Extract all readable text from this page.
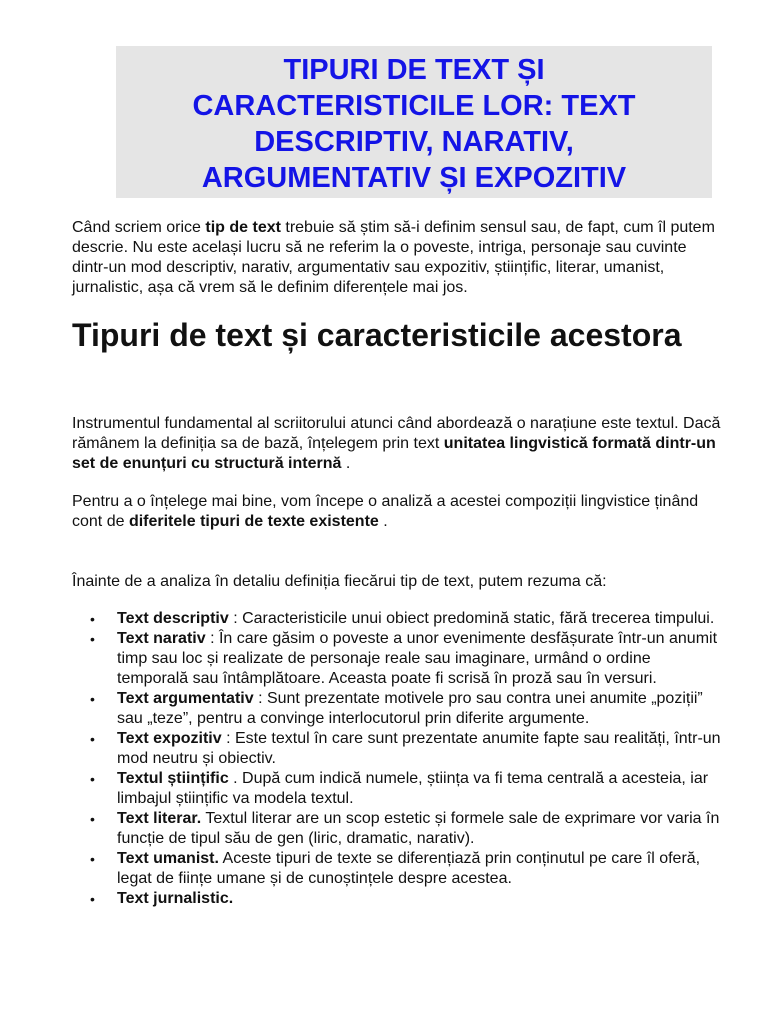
TIPURI DE TEXT ȘI
CARACTERISTICILE LOR: TEXT
DESCRIPTIV, NARATIV,
ARGUMENTATIV ȘI EXPOZITIV

Când scriem orice tip de text trebuie să știm să-i definim sensul sau, de fapt, cum îl putem descrie. Nu este același lucru să ne referim la o poveste, intriga, personaje sau cuvinte dintr-un mod descriptiv, narativ, argumentativ sau expozitiv, științific, literar, umanist, jurnalistic, așa că vrem să le definim diferențele mai jos.

Tipuri de text și caracteristicile acestora

Instrumentul fundamental al scriitorului atunci când abordează o narațiune este textul. Dacă rămânem la definiția sa de bază, înțelegem prin text unitatea lingvistică formată dintr-un set de enunțuri cu structură internă .

Pentru a o înțelege mai bine, vom începe o analiză a acestei compoziții lingvistice ținând cont de diferitele tipuri de texte existente .

Înainte de a analiza în detaliu definiția fiecărui tip de text, putem rezuma că:

• Text descriptiv : Caracteristicile unui obiect predomină static, fără trecerea timpului.
• Text narativ : În care găsim o poveste a unor evenimente desfășurate într-un anumit timp sau loc și realizate de personaje reale sau imaginare, urmând o ordine temporală sau întâmplătoare. Aceasta poate fi scrisă în proză sau în versuri.
• Text argumentativ : Sunt prezentate motivele pro sau contra unei anumite „poziții” sau „teze”, pentru a convinge interlocutorul prin diferite argumente.
• Text expozitiv : Este textul în care sunt prezentate anumite fapte sau realități, într-un mod neutru și obiectiv.
• Textul științific . După cum indică numele, știința va fi tema centrală a acesteia, iar limbajul științific va modela textul.
• Text literar. Textul literar are un scop estetic și formele sale de exprimare vor varia în funcție de tipul său de gen (liric, dramatic, narativ).
• Text umanist. Aceste tipuri de texte se diferențiază prin conținutul pe care îl oferă, legat de ființe umane și de cunoștințele despre acestea.
• Text jurnalistic.
